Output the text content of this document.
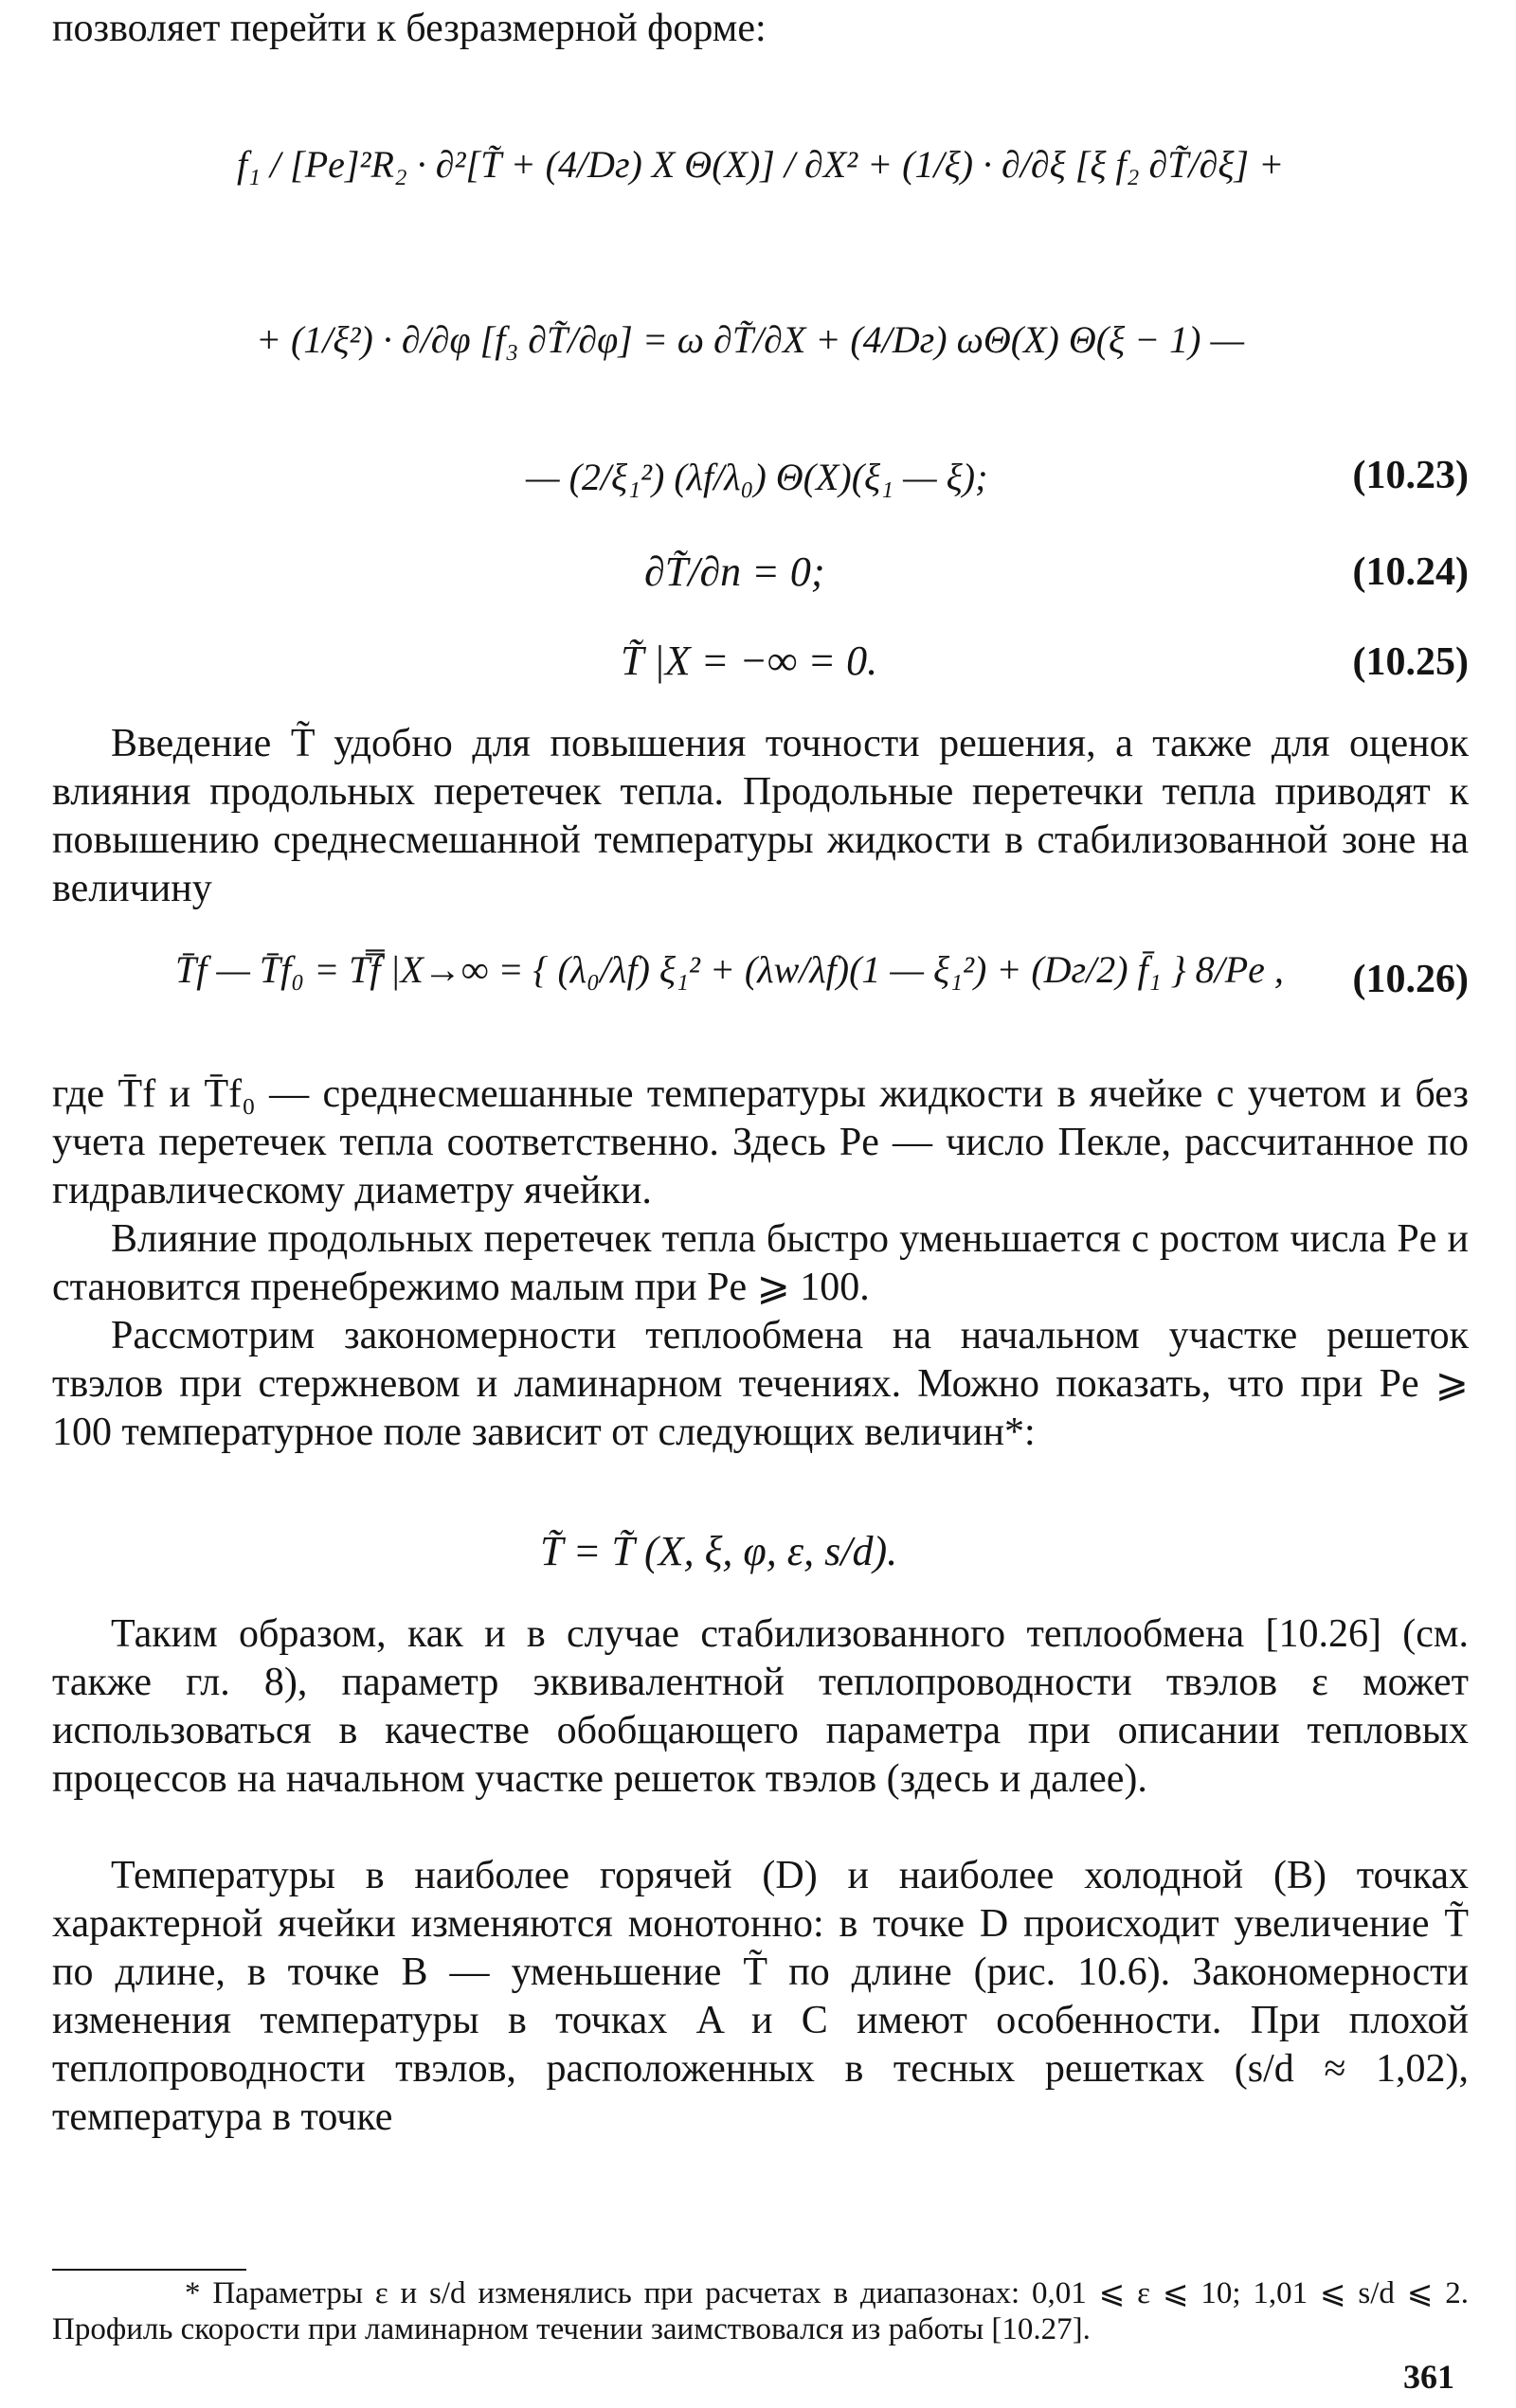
позволяет перейти к безразмерной форме:
f₁ / [Pe]²R₂ · ∂²[T̃ + (4/Dг) X Θ(X)] / ∂X² + (1/ξ) · ∂/∂ξ [ξ f₂ ∂T̃/∂ξ] +
+ (1/ξ²) · ∂/∂φ [f₃ ∂T̃/∂φ] = ω ∂T̃/∂X + (4/Dг) ωΘ(X) Θ(ξ − 1) —
— (2/ξ₁²) (λf/λ₀) Θ(X)(ξ₁ — ξ);	(10.23)
∂T̃/∂n = 0;	(10.24)
T̃ |X = −∞ = 0.	(10.25)

Введение T̃ удобно для повышения точности решения, а также для оценок влияния продольных перетечек тепла. Продольные перетечки тепла приводят к повышению среднесмешанной температуры жидкости в стабилизованной зоне на величину

T̄f — T̄f₀ = T̿f |X→∞ = { (λ₀/λf) ξ₁² + (λw/λf)(1 — ξ₁²) + (Dг/2) f̄₁ } 8/Pe , (10.26)

где T̄f и T̄f₀ — среднесмешанные температуры жидкости в ячейке с учетом и без учета перетечек тепла соответственно. Здесь Pe — число Пекле, рассчитанное по гидравлическому диаметру ячейки.

Влияние продольных перетечек тепла быстро уменьшается с ростом числа Pe и становится пренебрежимо малым при Pe ⩾ 100.

Рассмотрим закономерности теплообмена на начальном участке решеток твэлов при стержневом и ламинарном течениях. Можно показать, что при Pe ⩾ 100 температурное поле зависит от следующих величин*:

T̃ = T̃ (X, ξ, φ, ε, s/d).

Таким образом, как и в случае стабилизованного теплообмена [10.26] (см. также гл. 8), параметр эквивалентной теплопроводности твэлов ε может использоваться в качестве обобщающего параметра при описании тепловых процессов на начальном участке решеток твэлов (здесь и далее).

Температуры в наиболее горячей (D) и наиболее холодной (B) точках характерной ячейки изменяются монотонно: в точке D происходит увеличение T̃ по длине, в точке B — уменьшение T̃ по длине (рис. 10.6). Закономерности изменения температуры в точках A и C имеют особенности. При плохой теплопроводности твэлов, расположенных в тесных решетках (s/d ≈ 1,02), температура в точке

* Параметры ε и s/d изменялись при расчетах в диапазонах: 0,01 ⩽ ε ⩽ 10; 1,01 ⩽ s/d ⩽ 2. Профиль скорости при ламинарном течении заимствовался из работы [10.27].

361
